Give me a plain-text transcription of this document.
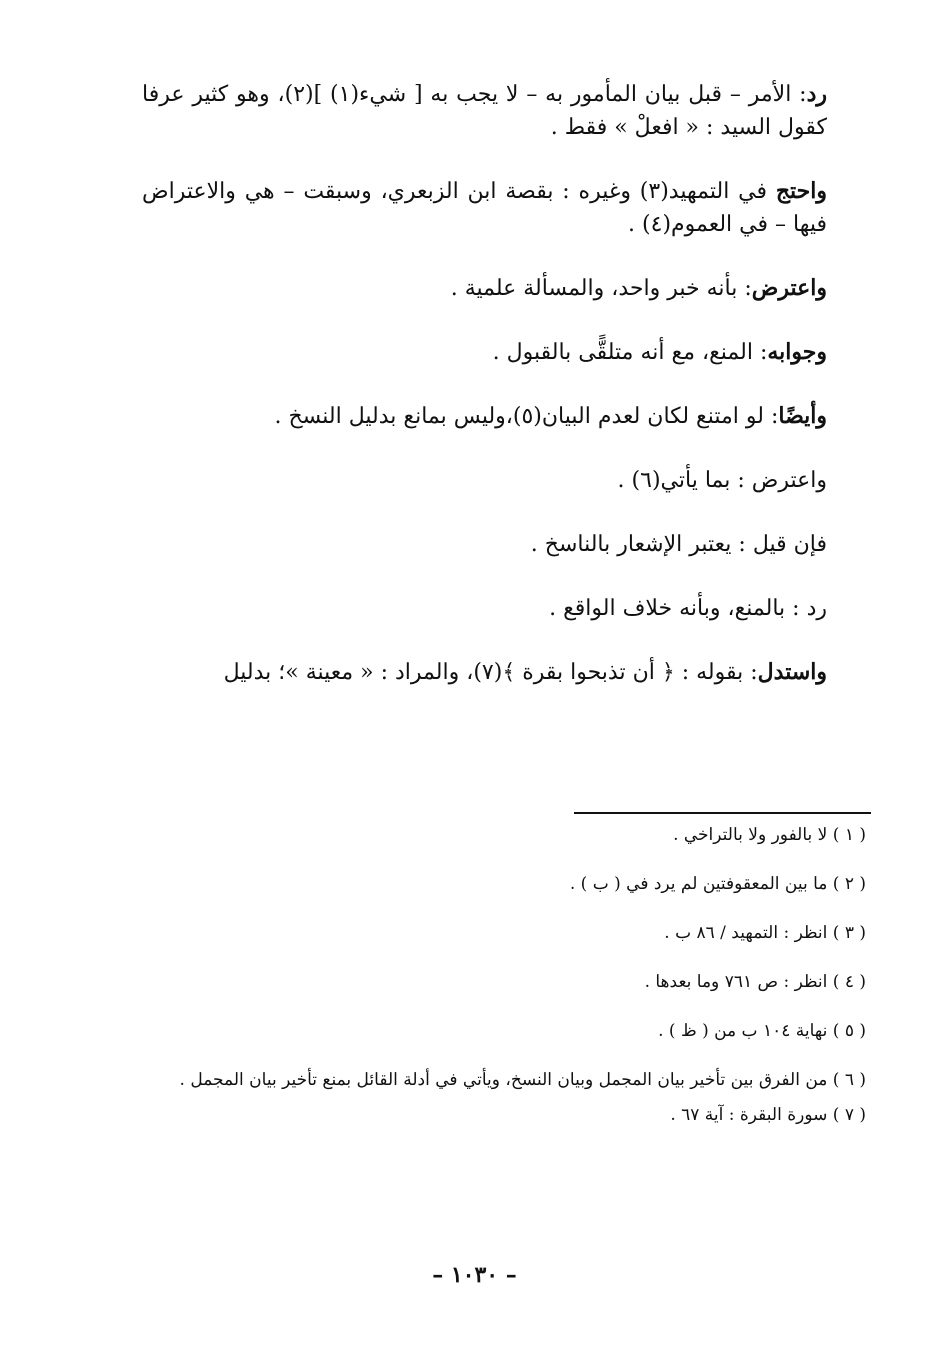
رد: الأمر – قبل بيان المأمور به – لا يجب به [ شيء(١) ](٢)، وهو كثير عرفا كقول السيد : « افعلْ » فقط .

واحتج في التمهيد(٣) وغيره : بقصة ابن الزبعري، وسبقت – هي والاعتراض فيها – في العموم(٤) .

واعترض: بأنه خبر واحد، والمسألة علمية .

وجوابه: المنع، مع أنه متلقًّى بالقبول .

وأيضًا: لو امتنع لكان لعدم البيان(٥)،وليس بمانع بدليل النسخ .

واعترض : بما يأتي(٦) .

فإن قيل : يعتبر الإشعار بالناسخ .

رد : بالمنع، وبأنه خلاف الواقع .

واستدل: بقوله : ﴿ أن تذبحوا بقرة ﴾(٧)، والمراد : « معينة »؛ بدليل

( ١ ) لا بالفور ولا بالتراخي .

( ٢ ) ما بين المعقوفتين لم يرد في ( ب ) .

( ٣ ) انظر : التمهيد / ٨٦ ب .

( ٤ ) انظر : ص ٧٦١ وما بعدها .

( ٥ ) نهاية ١٠٤ ب من ( ظ ) .

( ٦ ) من الفرق بين تأخير بيان المجمل وبيان النسخ، ويأتي في أدلة القائل بمنع تأخير بيان المجمل .

( ٧ ) سورة البقرة : آية ٦٧ .

– ١٠٣٠ –
